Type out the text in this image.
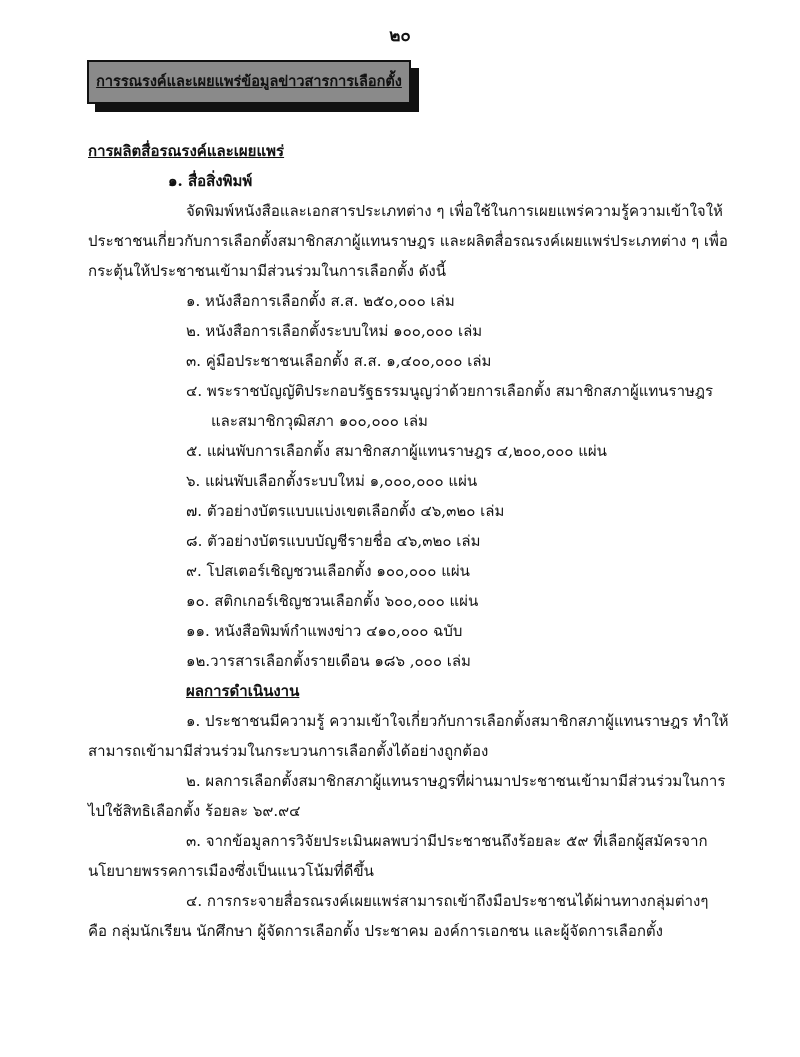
๒๐
การรณรงค์และเผยแพร่ข้อมูลข่าวสารการเลือกตั้ง
การผลิตสื่อรณรงค์และเผยแพร่
๑. สื่อสิ่งพิมพ์
จัดพิมพ์หนังสือและเอกสารประเภทต่าง ๆ เพื่อใช้ในการเผยแพร่ความรู้ความเข้าใจให้
ประชาชนเกี่ยวกับการเลือกตั้งสมาชิกสภาผู้แทนราษฎร และผลิตสื่อรณรงค์เผยแพร่ประเภทต่าง ๆ เพื่อ
กระตุ้นให้ประชาชนเข้ามามีส่วนร่วมในการเลือกตั้ง ดังนี้
๑. หนังสือการเลือกตั้ง ส.ส. ๒๕๐,๐๐๐ เล่ม
๒. หนังสือการเลือกตั้งระบบใหม่ ๑๐๐,๐๐๐ เล่ม
๓. คู่มือประชาชนเลือกตั้ง ส.ส. ๑,๔๐๐,๐๐๐ เล่ม
๔. พระราชบัญญัติประกอบรัฐธรรมนูญว่าด้วยการเลือกตั้ง สมาชิกสภาผู้แทนราษฎร
และสมาชิกวุฒิสภา ๑๐๐,๐๐๐ เล่ม
๕. แผ่นพับการเลือกตั้ง สมาชิกสภาผู้แทนราษฎร ๔,๒๐๐,๐๐๐ แผ่น
๖. แผ่นพับเลือกตั้งระบบใหม่ ๑,๐๐๐,๐๐๐ แผ่น
๗. ตัวอย่างบัตรแบบแบ่งเขตเลือกตั้ง ๔๖,๓๒๐ เล่ม
๘. ตัวอย่างบัตรแบบบัญชีรายชื่อ ๔๖,๓๒๐ เล่ม
๙. โปสเตอร์เชิญชวนเลือกตั้ง ๑๐๐,๐๐๐ แผ่น
๑๐. สติกเกอร์เชิญชวนเลือกตั้ง ๖๐๐,๐๐๐ แผ่น
๑๑. หนังสือพิมพ์กำแพงข่าว ๔๑๐,๐๐๐ ฉบับ
๑๒.วารสารเลือกตั้งรายเดือน ๑๘๖ ,๐๐๐ เล่ม
ผลการดำเนินงาน
๑. ประชาชนมีความรู้ ความเข้าใจเกี่ยวกับการเลือกตั้งสมาชิกสภาผู้แทนราษฎร ทำให้
สามารถเข้ามามีส่วนร่วมในกระบวนการเลือกตั้งได้อย่างถูกต้อง
๒. ผลการเลือกตั้งสมาชิกสภาผู้แทนราษฎรที่ผ่านมาประชาชนเข้ามามีส่วนร่วมในการ
ไปใช้สิทธิเลือกตั้ง ร้อยละ ๖๙.๙๔
๓. จากข้อมูลการวิจัยประเมินผลพบว่ามีประชาชนถึงร้อยละ ๕๙ ที่เลือกผู้สมัครจาก
นโยบายพรรคการเมืองซึ่งเป็นแนวโน้มที่ดีขึ้น
๔. การกระจายสื่อรณรงค์เผยแพร่สามารถเข้าถึงมือประชาชนได้ผ่านทางกลุ่มต่างๆ
คือ กลุ่มนักเรียน นักศึกษา ผู้จัดการเลือกตั้ง ประชาคม องค์การเอกชน และผู้จัดการเลือกตั้ง
